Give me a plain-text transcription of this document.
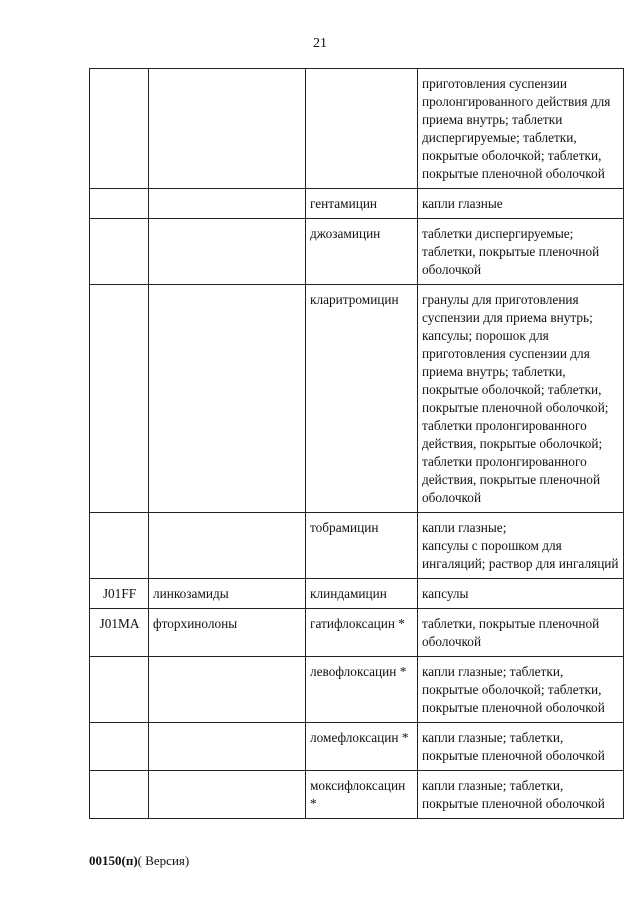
21
			приготовления суспензии пролонгированного действия для приема внутрь; таблетки диспергируемые; таблетки, покрытые оболочкой; таблетки, покрытые пленочной оболочкой
		гентамицин	капли глазные
		джозамицин	таблетки диспергируемые; таблетки, покрытые пленочной оболочкой
		кларитромицин	гранулы для приготовления суспензии для приема внутрь; капсулы; порошок для приготовления суспензии для приема внутрь; таблетки, покрытые оболочкой; таблетки, покрытые пленочной оболочкой; таблетки пролонгированного действия, покрытые оболочкой; таблетки пролонгированного действия, покрытые пленочной оболочкой
		тобрамицин	капли глазные;
капсулы с порошком для ингаляций; раствор для ингаляций
J01FF	линкозамиды	клиндамицин	капсулы
J01MA	фторхинолоны	гатифлоксацин *	таблетки, покрытые пленочной оболочкой
		левофлоксацин *	капли глазные; таблетки, покрытые оболочкой; таблетки, покрытые пленочной оболочкой
		ломефлоксацин *	капли глазные; таблетки, покрытые пленочной оболочкой
		моксифлоксацин *	капли глазные; таблетки, покрытые пленочной оболочкой
00150(п)( Версия)
